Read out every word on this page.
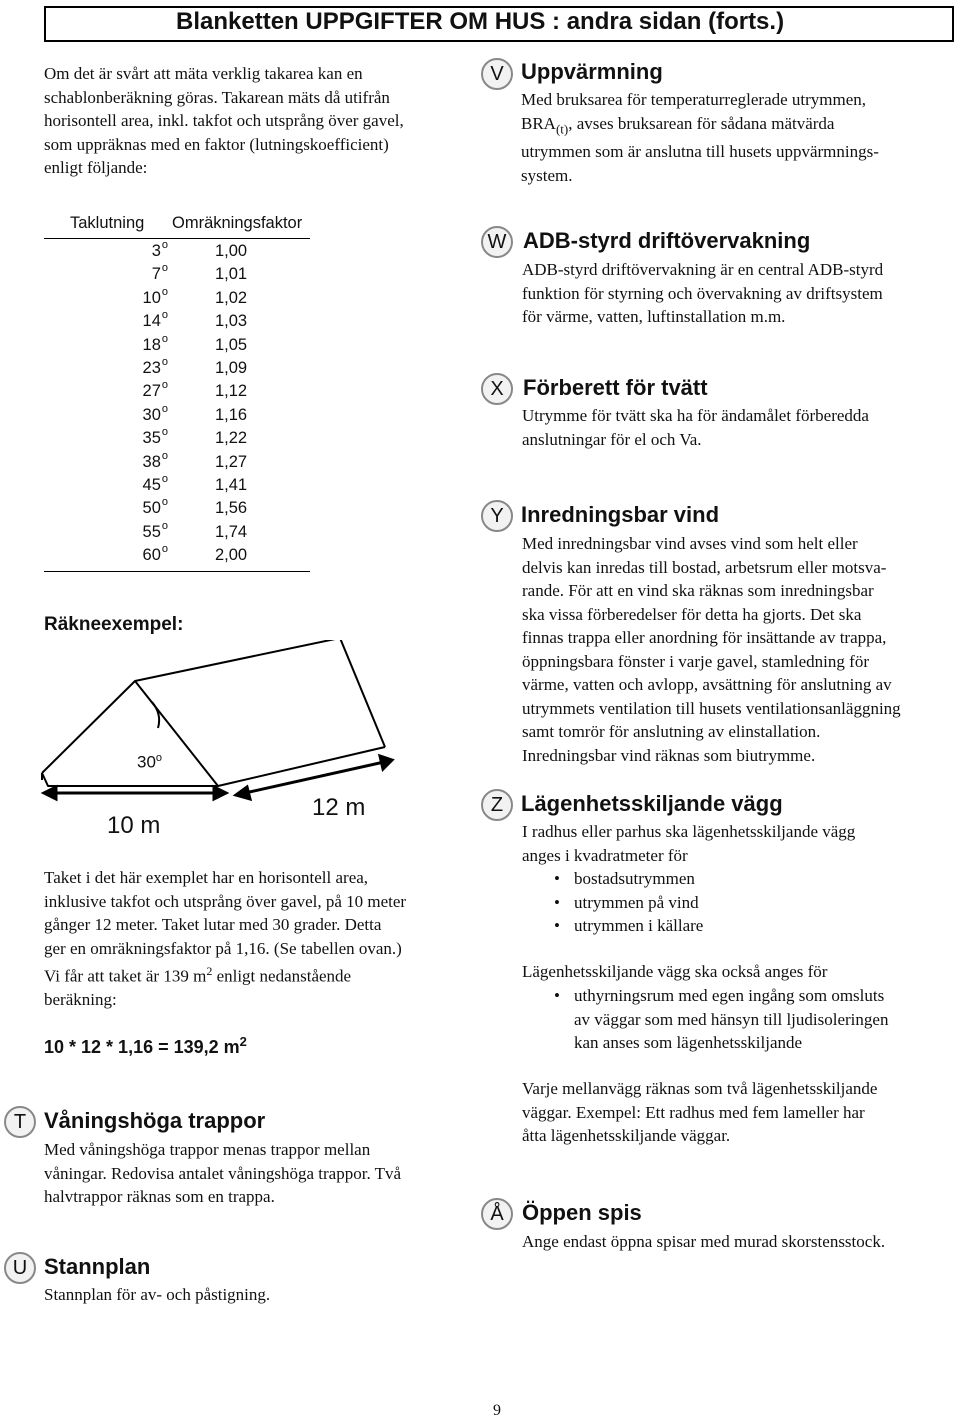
Blanketten UPPGIFTER OM HUS : andra sidan (forts.)
Om det är svårt att mäta verklig takarea kan en
schablonberäkning göras. Takarean mäts då utifrån
horisontell area, inkl. takfot och utsprång över gavel,
som uppräknas med en faktor (lutningskoefficient)
enligt följande:
Taklutning Omräkningsfaktor
3$^o$	1,00
7$^o$	1,01
10$^o$	1,02
14$^o$	1,03
18$^o$	1,05
23$^o$	1,09
27$^o$	1,12
30$^o$	1,16
35$^o$	1,22
38$^o$	1,27
45$^o$	1,41
50$^o$	1,56
55$^o$	1,74
60$^o$	2,00
Räkneexempel:
30$^o$
10 m
12 m
Taket i det här exemplet har en horisontell area,
inklusive takfot och utsprång över gavel, på 10 meter
gånger 12 meter. Taket lutar med 30 grader. Detta
ger en omräkningsfaktor på 1,16. (Se tabellen ovan.)
Vi får att taket är 139 $m^2$ enligt nedanstående
beräkning:
10 * 12 * 1,16 = 139,2 $m^2$
T Våningshöga trappor
Med våningshöga trappor menas trappor mellan
våningar. Redovisa antalet våningshöga trappor. Två
halvtrappor räknas som en trappa.
U Stannplan
Stannplan för av- och påstigning.
V Uppvärmning
Med bruksarea för temperaturreglerade utrymmen,
$BRA_{(t)}$, avses bruksarean för sådana mätvärda
utrymmen som är anslutna till husets uppvärmnings-
system.
W ADB-styrd driftövervakning
ADB-styrd driftövervakning är en central ADB-styrd
funktion för styrning och övervakning av driftsystem
för värme, vatten, luftinstallation m.m.
X Förberett för tvätt
Utrymme för tvätt ska ha för ändamålet förberedda
anslutningar för el och Va.
Y Inredningsbar vind
Med inredningsbar vind avses vind som helt eller
delvis kan inredas till bostad, arbetsrum eller motsva-
rande. För att en vind ska räknas som inredningsbar
ska vissa förberedelser för detta ha gjorts. Det ska
finnas trappa eller anordning för insättande av trappa,
öppningsbara fönster i varje gavel, stamledning för
värme, vatten och avlopp, avsättning för anslutning av
utrymmets ventilation till husets ventilationsanläggning
samt tomrör för anslutning av elinstallation.
Inredningsbar vind räknas som biutrymme.
Z Lägenhetsskiljande vägg
I radhus eller parhus ska lägenhetsskiljande vägg
anges i kvadratmeter för
• bostadsutrymmen
• utrymmen på vind
• utrymmen i källare
Lägenhetsskiljande vägg ska också anges för
• uthyrningsrum med egen ingång som omsluts
av väggar som med hänsyn till ljudisoleringen
kan anses som lägenhetsskiljande
Varje mellanvägg räknas som två lägenhetsskiljande
väggar. Exempel: Ett radhus med fem lameller har
åtta lägenhetsskiljande väggar.
Å Öppen spis
Ange endast öppna spisar med murad skorstensstock.
9
